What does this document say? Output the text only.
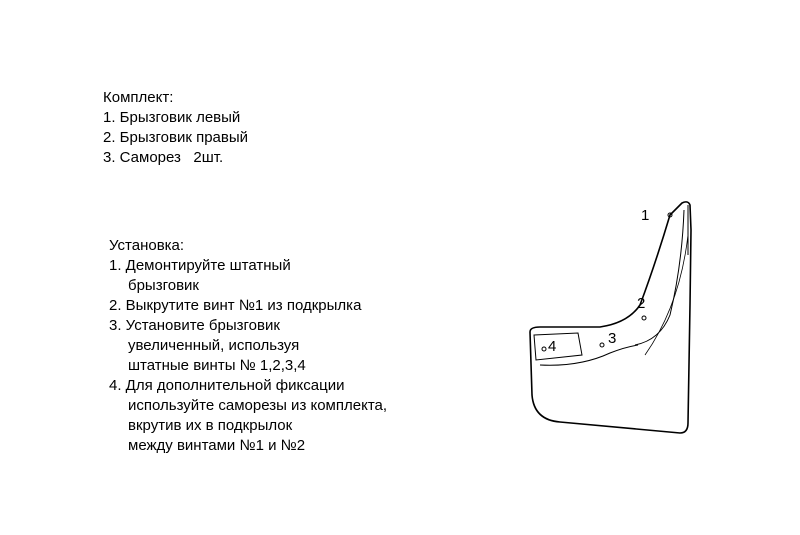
Комплект:
1. Брызговик левый
2. Брызговик правый
3. Саморез   2шт.
Установка:
1. Демонтируйте штатный
брызговик
2. Выкрутите винт №1 из подкрылка
3. Установите брызговик
увеличенный, используя
штатные винты № 1,2,3,4
4. Для дополнительной фиксации
используйте саморезы из комплекта,
вкрутив их в подкрылок
между винтами №1 и №2
1
2
3
4
